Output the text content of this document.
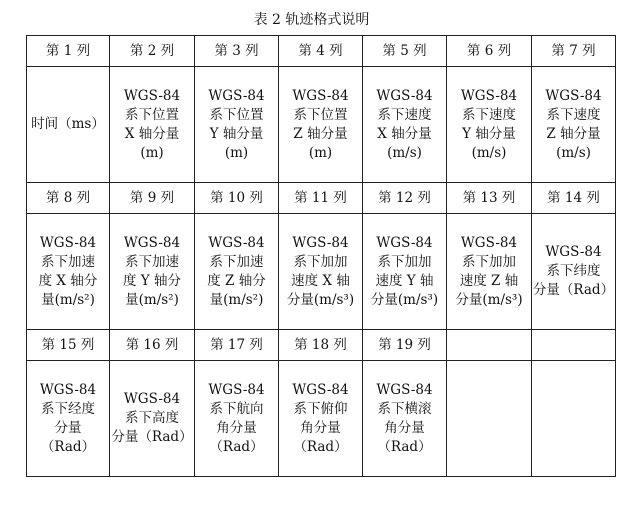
表 2 轨迹格式说明
第 1 列	第 2 列	第 3 列	第 4 列	第 5 列	第 6 列	第 7 列

时间（ms）	WGS-84
系下位置
X 轴分量
(m)	WGS-84
系下位置
Y 轴分量
(m)	WGS-84
系下位置
Z 轴分量
(m)	WGS-84
系下速度
X 轴分量
(m/s)	WGS-84
系下速度
Y 轴分量
(m/s)	WGS-84
系下速度
Z 轴分量
(m/s)

第 8 列	第 9 列	第 10 列	第 11 列	第 12 列	第 13 列	第 14 列

WGS-84
系下加速
度 X 轴分
量(m/s²)	WGS-84
系下加速
度 Y 轴分
量(m/s²)	WGS-84
系下加速
度 Z 轴分
量(m/s²)	WGS-84
系下加加
速度 X 轴
分量(m/s³)	WGS-84
系下加加
速度 Y 轴
分量(m/s³)	WGS-84
系下加加
速度 Z 轴
分量(m/s³)	WGS-84
系下纬度
分量（Rad）

第 15 列	第 16 列	第 17 列	第 18 列	第 19 列		

WGS-84
系下经度
分量
（Rad）	WGS-84
系下高度
分量（Rad）	WGS-84
系下航向
角分量
（Rad）	WGS-84
系下俯仰
角分量
（Rad）	WGS-84
系下横滚
角分量
（Rad）		
